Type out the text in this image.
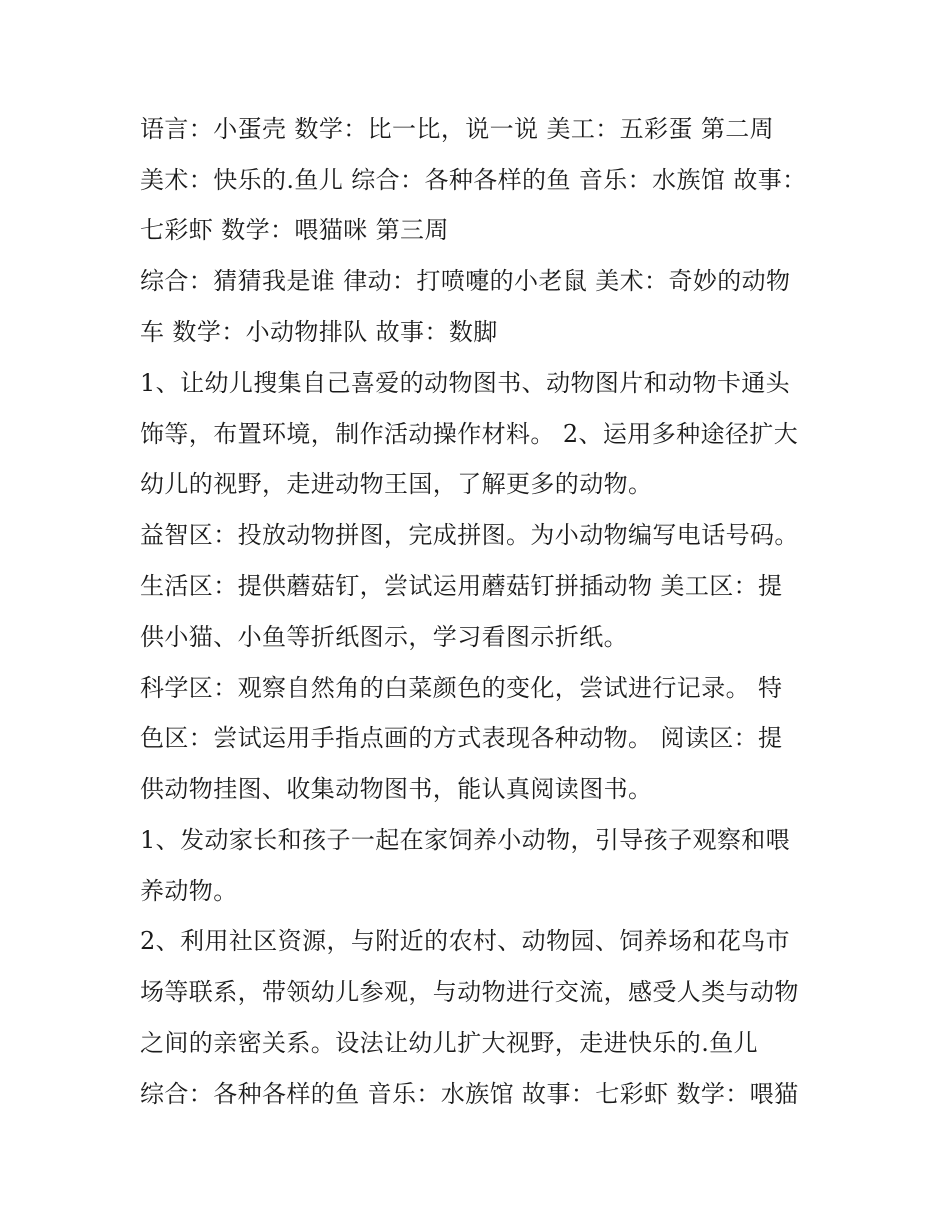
语言：小蛋壳 数学：比一比，说一说 美工：五彩蛋 第二周
美术：快乐的.鱼儿 综合：各种各样的鱼 音乐：水族馆 故事：
七彩虾 数学：喂猫咪 第三周
综合：猜猜我是谁 律动：打喷嚏的小老鼠 美术：奇妙的动物
车 数学：小动物排队 故事：数脚
1、让幼儿搜集自己喜爱的动物图书、动物图片和动物卡通头
饰等，布置环境，制作活动操作材料。 2、运用多种途径扩大
幼儿的视野，走进动物王国，了解更多的动物。
益智区：投放动物拼图，完成拼图。为小动物编写电话号码。
生活区：提供蘑菇钉，尝试运用蘑菇钉拼插动物 美工区：提
供小猫、小鱼等折纸图示，学习看图示折纸。
科学区：观察自然角的白菜颜色的变化，尝试进行记录。 特
色区：尝试运用手指点画的方式表现各种动物。 阅读区：提
供动物挂图、收集动物图书，能认真阅读图书。
1、发动家长和孩子一起在家饲养小动物，引导孩子观察和喂
养动物。
2、利用社区资源，与附近的农村、动物园、饲养场和花鸟市
场等联系，带领幼儿参观，与动物进行交流，感受人类与动物
之间的亲密关系。设法让幼儿扩大视野，走进快乐的.鱼儿
综合：各种各样的鱼 音乐：水族馆 故事：七彩虾 数学：喂猫
